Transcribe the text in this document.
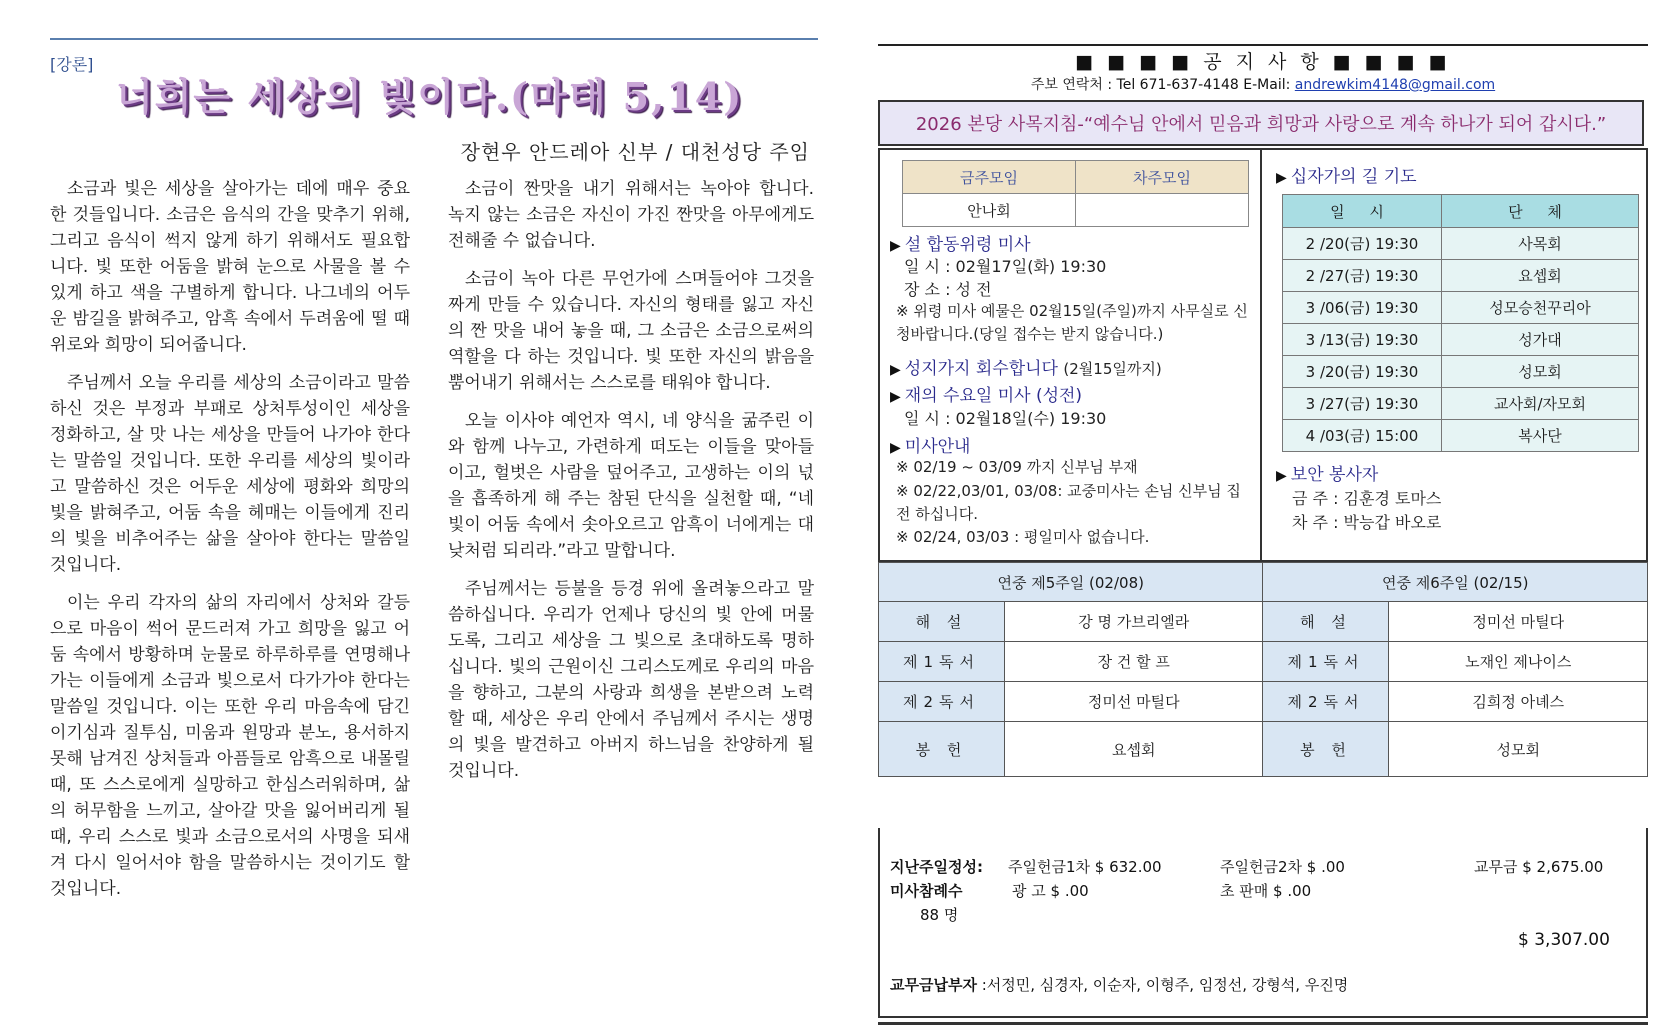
[강론]
너희는 세상의 빛이다.(마태 5,14)
장현우 안드레아 신부 / 대천성당 주임

소금과 빛은 세상을 살아가는 데에 매우 중요한 것들입니다. 소금은 음식의 간을 맞추기 위해, 그리고 음식이 썩지 않게 하기 위해서도 필요합니다. 빛 또한 어둠을 밝혀 눈으로 사물을 볼 수 있게 하고 색을 구별하게 합니다. 나그네의 어두운 밤길을 밝혀주고, 암흑 속에서 두려움에 떨 때 위로와 희망이 되어줍니다.

주님께서 오늘 우리를 세상의 소금이라고 말씀하신 것은 부정과 부패로 상처투성이인 세상을 정화하고, 살 맛 나는 세상을 만들어 나가야 한다는 말씀일 것입니다. 또한 우리를 세상의 빛이라고 말씀하신 것은 어두운 세상에 평화와 희망의 빛을 밝혀주고, 어둠 속을 헤매는 이들에게 진리의 빛을 비추어주는 삶을 살아야 한다는 말씀일 것입니다.

이는 우리 각자의 삶의 자리에서 상처와 갈등으로 마음이 썩어 문드러져 가고 희망을 잃고 어둠 속에서 방황하며 눈물로 하루하루를 연명해나가는 이들에게 소금과 빛으로서 다가가야 한다는 말씀일 것입니다. 이는 또한 우리 마음속에 담긴 이기심과 질투심, 미움과 원망과 분노, 용서하지 못해 남겨진 상처들과 아픔들로 암흑으로 내몰릴 때, 또 스스로에게 실망하고 한심스러워하며, 삶의 허무함을 느끼고, 살아갈 맛을 잃어버리게 될 때, 우리 스스로 빛과 소금으로서의 사명을 되새겨 다시 일어서야 함을 말씀하시는 것이기도 할 것입니다.

소금이 짠맛을 내기 위해서는 녹아야 합니다. 녹지 않는 소금은 자신이 가진 짠맛을 아무에게도 전해줄 수 없습니다.

소금이 녹아 다른 무언가에 스며들어야 그것을 짜게 만들 수 있습니다. 자신의 형태를 잃고 자신의 짠 맛을 내어 놓을 때, 그 소금은 소금으로써의 역할을 다 하는 것입니다. 빛 또한 자신의 밝음을 뿜어내기 위해서는 스스로를 태워야 합니다.

오늘 이사야 예언자 역시, 네 양식을 굶주린 이와 함께 나누고, 가련하게 떠도는 이들을 맞아들이고, 헐벗은 사람을 덮어주고, 고생하는 이의 넋을 흡족하게 해 주는 참된 단식을 실천할 때, “네 빛이 어둠 속에서 솟아오르고 암흑이 너에게는 대낮처럼 되리라.”라고 말합니다.

주님께서는 등불을 등경 위에 올려놓으라고 말씀하십니다. 우리가 언제나 당신의 빛 안에 머물도록, 그리고 세상을 그 빛으로 초대하도록 명하십니다. 빛의 근원이신 그리스도께로 우리의 마음을 향하고, 그분의 사랑과 희생을 본받으려 노력할 때, 세상은 우리 안에서 주님께서 주시는 생명의 빛을 발견하고 아버지 하느님을 찬양하게 될 것입니다.

■ ■ ■ ■ 공 지 사 항 ■ ■ ■ ■
주보 연락처 : Tel 671-637-4148 E-Mail: andrewkim4148@gmail.com
2026 본당 사목지침-“예수님 안에서 믿음과 희망과 사랑으로 계속 하나가 되어 갑시다.”
금주모임	차주모임
안나회	
▶ 설 합동위령 미사
일 시 : 02월17일(화) 19:30
장 소 : 성 전
※ 위령 미사 예물은 02월15일(주일)까지 사무실로 신청바랍니다.(당일 접수는 받지 않습니다.)
▶ 성지가지 회수합니다 (2월15일까지)
▶ 재의 수요일 미사 (성전)
일 시 : 02월18일(수) 19:30
▶ 미사안내
※ 02/19 ~ 03/09 까지 신부님 부재
※ 02/22,03/01, 03/08: 교중미사는 손님 신부님 집전 하십니다.
※ 02/24, 03/03 : 평일미사 없습니다.
▶ 십자가의 길 기도
일 시	단 체
2 /20(금) 19:30	사목회
2 /27(금) 19:30	요셉회
3 /06(금) 19:30	성모승천꾸리아
3 /13(금) 19:30	성가대
3 /20(금) 19:30	성모회
3 /27(금) 19:30	교사회/자모회
4 /03(금) 15:00	복사단
▶ 보안 봉사자
금 주 : 김훈경 토마스
차 주 : 박능갑 바오로
연중 제5주일 (02/08)		연중 제6주일 (02/15)	
해 설	강 명 가브리엘라	해 설	정미선 마틸다
제1독서	장 건 할 프	제1독서	노재인 제나이스
제2독서	정미선 마틸다	제2독서	김희정 아녜스
봉 헌	요셉회	봉 헌	성모회
지난주일정성: 주일헌금1차 $ 632.00	주일헌금2차 $ .00	교무금 $ 2,675.00
미사참례수	광 고 $ .00	초 판매 $ .00
88 명
$ 3,307.00
교무금납부자 :서정민, 심경자, 이순자, 이형주, 임정선, 강형석, 우진명
